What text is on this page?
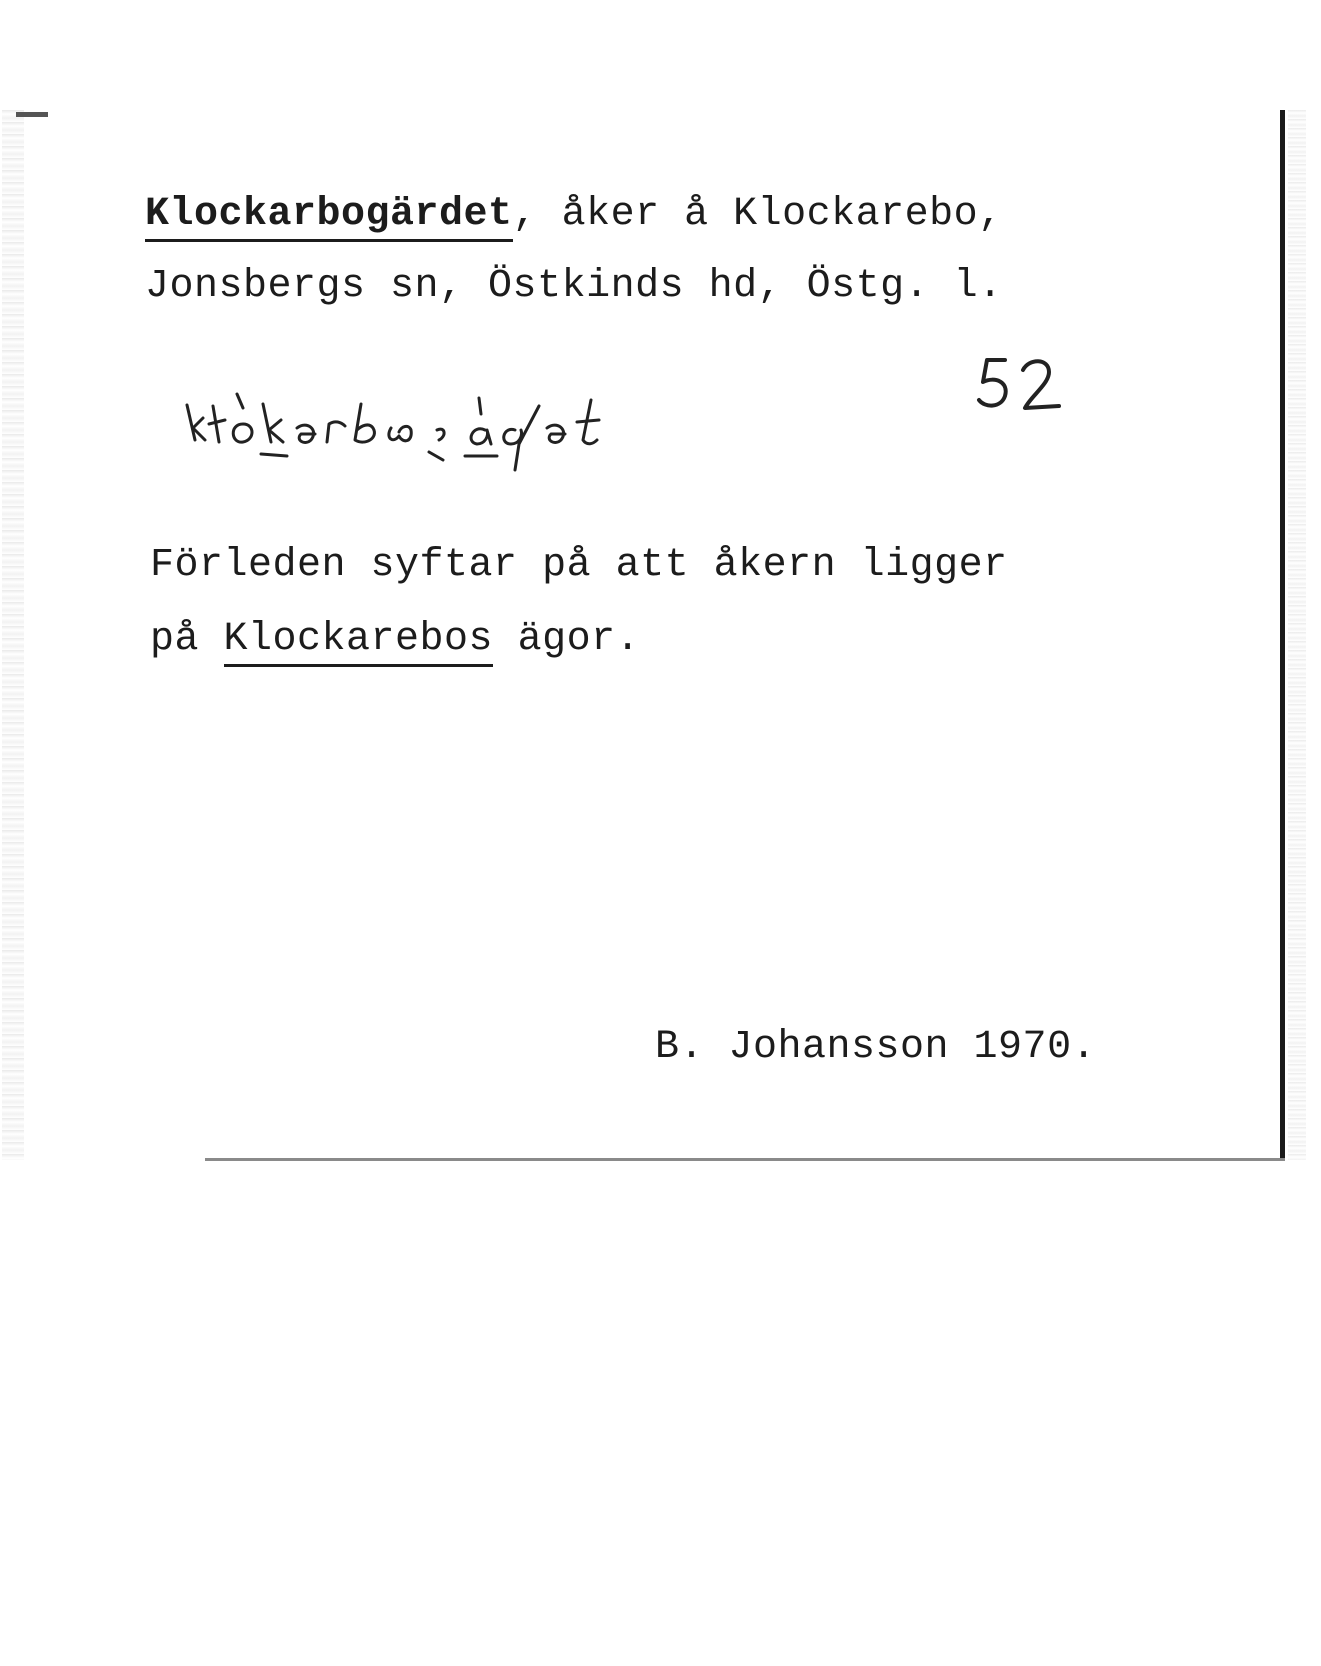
Klockarbogärdet, åker å Klockarebo,
Jonsbergs sn, Östkinds hd, Östg. l.
Förleden syftar på att åkern ligger
på Klockarebos ägor.
B. Johansson 1970.
